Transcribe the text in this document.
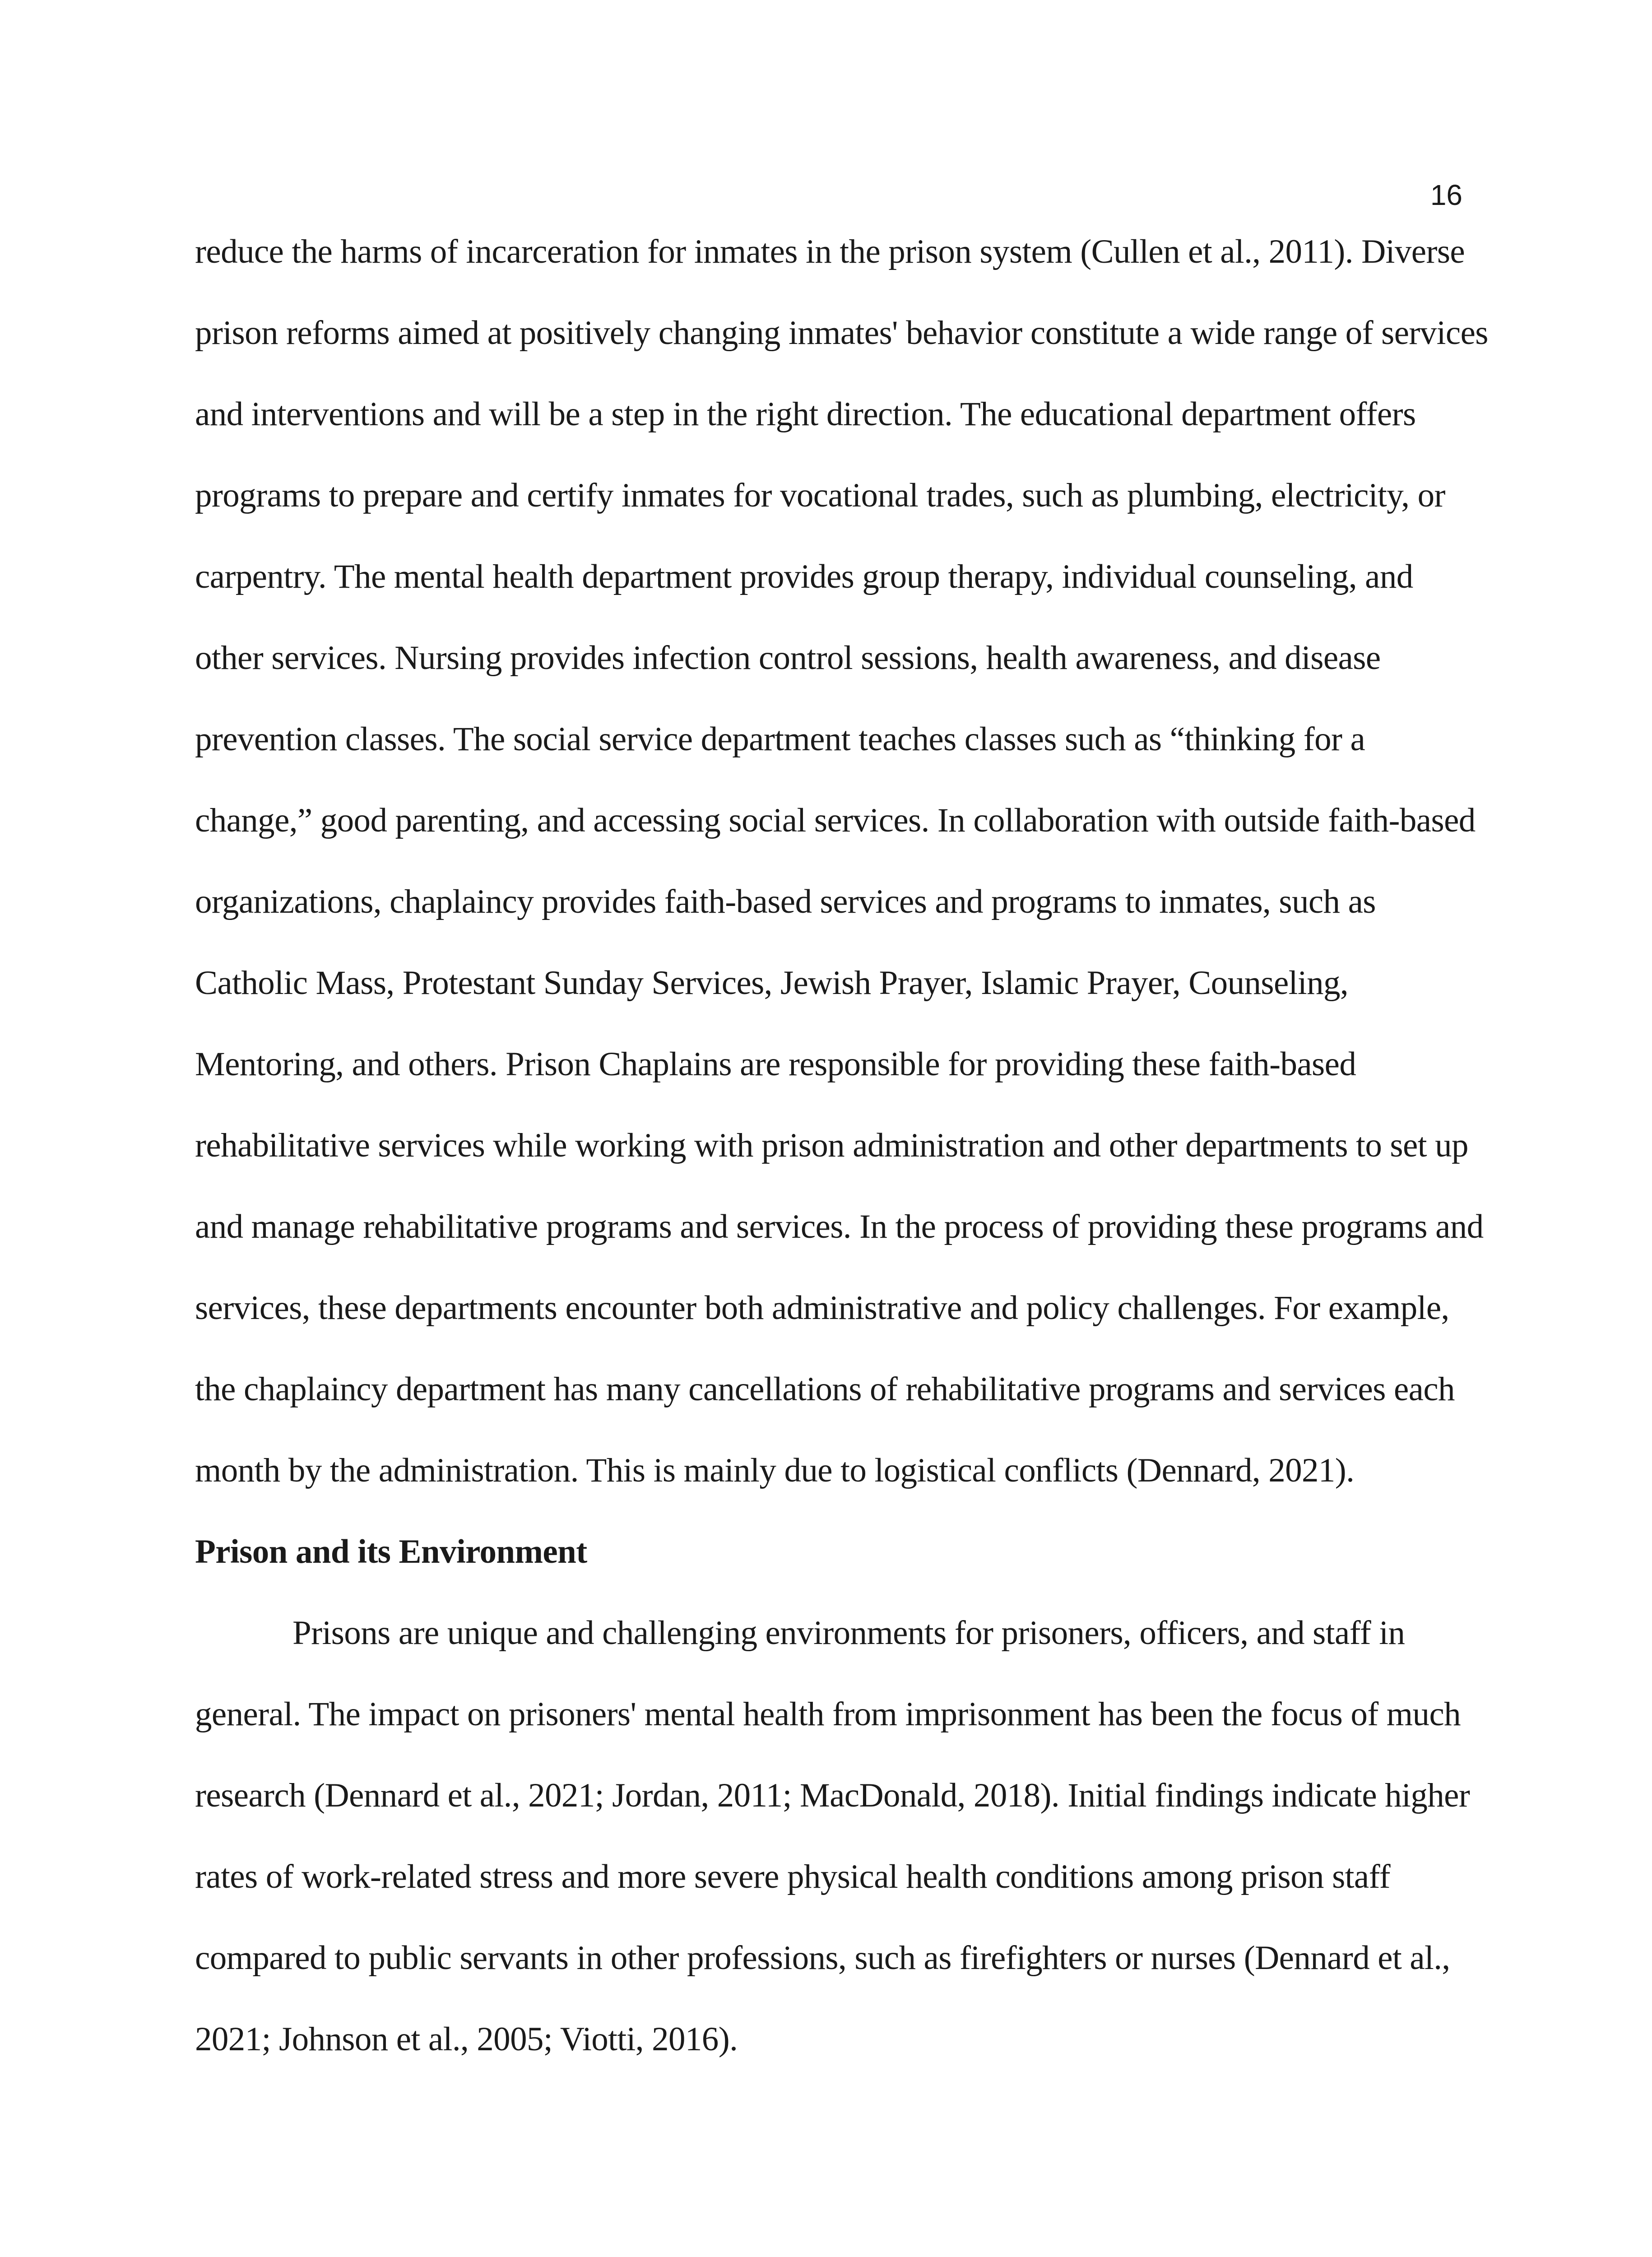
16
reduce the harms of incarceration for inmates in the prison system (Cullen et al., 2011). Diverse
prison reforms aimed at positively changing inmates' behavior constitute a wide range of services
and interventions and will be a step in the right direction. The educational department offers
programs to prepare and certify inmates for vocational trades, such as plumbing, electricity, or
carpentry. The mental health department provides group therapy, individual counseling, and
other services. Nursing provides infection control sessions, health awareness, and disease
prevention classes. The social service department teaches classes such as “thinking for a
change,” good parenting, and accessing social services. In collaboration with outside faith-based
organizations, chaplaincy provides faith-based services and programs to inmates, such as
Catholic Mass, Protestant Sunday Services, Jewish Prayer, Islamic Prayer, Counseling,
Mentoring, and others. Prison Chaplains are responsible for providing these faith-based
rehabilitative services while working with prison administration and other departments to set up
and manage rehabilitative programs and services. In the process of providing these programs and
services, these departments encounter both administrative and policy challenges. For example,
the chaplaincy department has many cancellations of rehabilitative programs and services each
month by the administration. This is mainly due to logistical conflicts (Dennard, 2021).
Prison and its Environment
Prisons are unique and challenging environments for prisoners, officers, and staff in
general. The impact on prisoners' mental health from imprisonment has been the focus of much
research (Dennard et al., 2021; Jordan, 2011; MacDonald, 2018). Initial findings indicate higher
rates of work-related stress and more severe physical health conditions among prison staff
compared to public servants in other professions, such as firefighters or nurses (Dennard et al.,
2021; Johnson et al., 2005; Viotti, 2016).
